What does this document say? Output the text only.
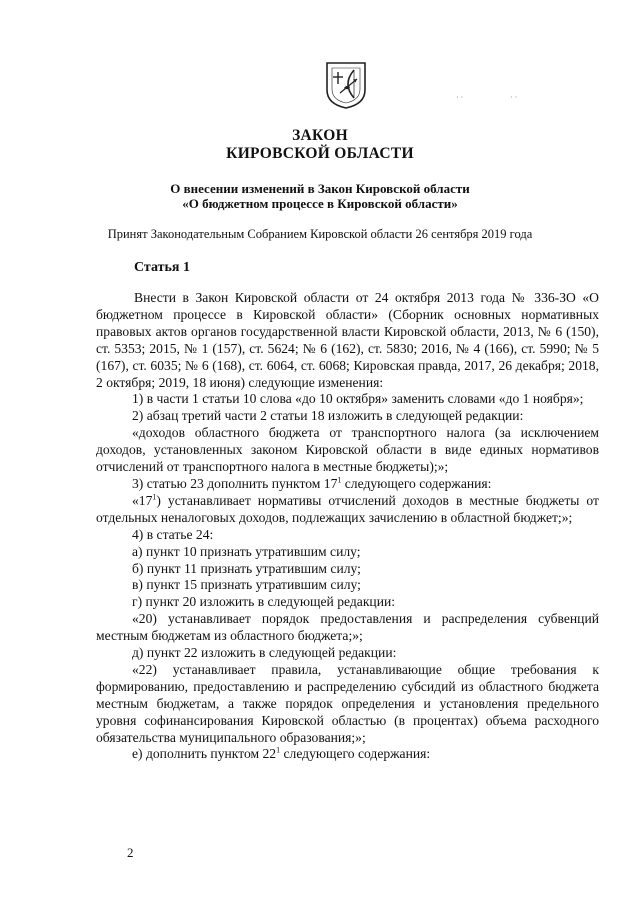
· ·	· ·
ЗАКОН
КИРОВСКОЙ ОБЛАСТИ
О внесении изменений в Закон Кировской области
«О бюджетном процессе в Кировской области»
Принят Законодательным Собранием Кировской области 26 сентября 2019 года
Статья 1

Внести в Закон Кировской области от 24 октября 2013 года № 336-ЗО «О бюджетном процессе в Кировской области» (Сборник основных нормативных правовых актов органов государственной власти Кировской области, 2013, № 6 (150), ст. 5353; 2015, № 1 (157), ст. 5624; № 6 (162), ст. 5830; 2016, № 4 (166), ст. 5990; № 5 (167), ст. 6035; № 6 (168), ст. 6064, ст. 6068; Кировская правда, 2017, 26 декабря; 2018, 2 октября; 2019, 18 июня) следующие изменения:

1) в части 1 статьи 10 слова «до 10 октября» заменить словами «до 1 ноября»;

2) абзац третий части 2 статьи 18 изложить в следующей редакции:

«доходов областного бюджета от транспортного налога (за исключением доходов, установленных законом Кировской области в виде единых нормативов отчислений от транспортного налога в местные бюджеты);»;

3) статью 23 дополнить пунктом $17^1$ следующего содержания:

«$17^1$) устанавливает нормативы отчислений доходов в местные бюджеты от отдельных неналоговых доходов, подлежащих зачислению в областной бюджет;»;

4) в статье 24:

а) пункт 10 признать утратившим силу;

б) пункт 11 признать утратившим силу;

в) пункт 15 признать утратившим силу;

г) пункт 20 изложить в следующей редакции:

«20) устанавливает порядок предоставления и распределения субвенций местным бюджетам из областного бюджета;»;

д) пункт 22 изложить в следующей редакции:

«22) устанавливает правила, устанавливающие общие требования к формированию, предоставлению и распределению субсидий из областного бюджета местным бюджетам, а также порядок определения и установления предельного уровня софинансирования Кировской областью (в процентах) объема расходного обязательства муниципального образования;»;

е) дополнить пунктом $22^1$ следующего содержания:

2
